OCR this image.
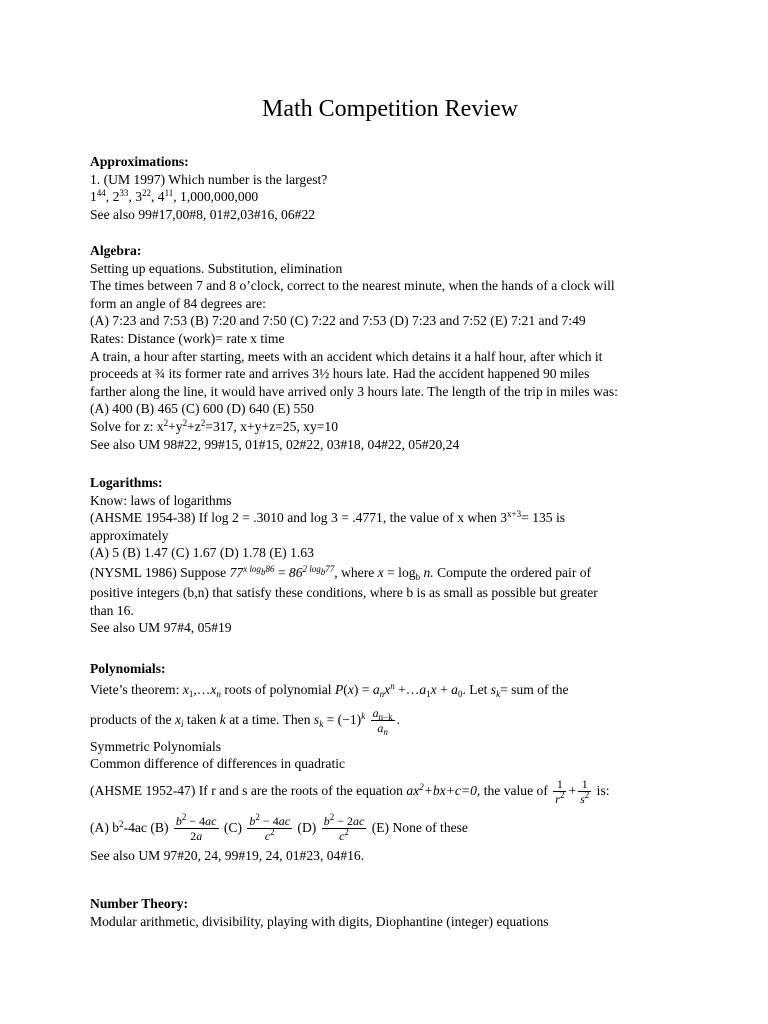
Math Competition Review
Approximations:
1. (UM 1997) Which number is the largest?
$1^{44}$, $2^{33}$, $3^{22}$, $4^{11}$, 1,000,000,000
See also 99#17,00#8, 01#2,03#16, 06#22
Algebra:
Setting up equations. Substitution, elimination
The times between 7 and 8 o’clock, correct to the nearest minute, when the hands of a clock will
form an angle of 84 degrees are:
(A) 7:23 and 7:53 (B) 7:20 and 7:50 (C) 7:22 and 7:53 (D) 7:23 and 7:52 (E) 7:21 and 7:49
Rates: Distance (work)= rate x time
A train, a hour after starting, meets with an accident which detains it a half hour, after which it
proceeds at ¾ its former rate and arrives 3½ hours late. Had the accident happened 90 miles
farther along the line, it would have arrived only 3 hours late. The length of the trip in miles was:
(A) 400 (B) 465 (C) 600 (D) 640 (E) 550
Solve for z: $x^2+y^2+z^2=317$, x+y+z=25, xy=10
See also UM 98#22, 99#15, 01#15, 02#22, 03#18, 04#22, 05#20,24
Logarithms:
Know: laws of logarithms
(AHSME 1954-38) If log 2 = .3010 and log 3 = .4771, the value of x when $3^{x+3}= 135$ is
approximately
(A) 5 (B) 1.47 (C) 1.67 (D) 1.78 (E) 1.63
(NYSML 1986) Suppose $77^{x log_b86} = 86^{2 log_b77}$, where $x = \log_b n$. Compute the ordered pair of
positive integers (b,n) that satisfy these conditions, where b is as small as possible but greater
than 16.
See also UM 97#4, 05#19
Polynomials:
Viete’s theorem: $x_1,\dots x_n$ roots of polynomial $P(x) = a_nx^n$ $+\dots a_1x + a_0$. Let $s_k=$ sum of the
products of the $x_i$ taken k at a time. Then $s_k = (-1)^k \frac{a_{n-k}}{a_n}$ .
Symmetric Polynomials
Common difference of differences in quadratic
(AHSME 1952-47) If r and s are the roots of the equation $ax^2+bx+c=0$, the value of $\frac{1}{r^2} + \frac{1}{s^2}$ is:
(A) $b^2-4ac$ $(B) \frac{b^2 - 4ac}{2a} (C) \frac{b^2 - 4ac}{c^2} (D) \frac{b^2 - 2ac}{c^2} (E)$ None of these
See also UM 97#20, 24, 99#19, 24, 01#23, 04#16.
Number Theory:
Modular arithmetic, divisibility, playing with digits, Diophantine (integer) equations
